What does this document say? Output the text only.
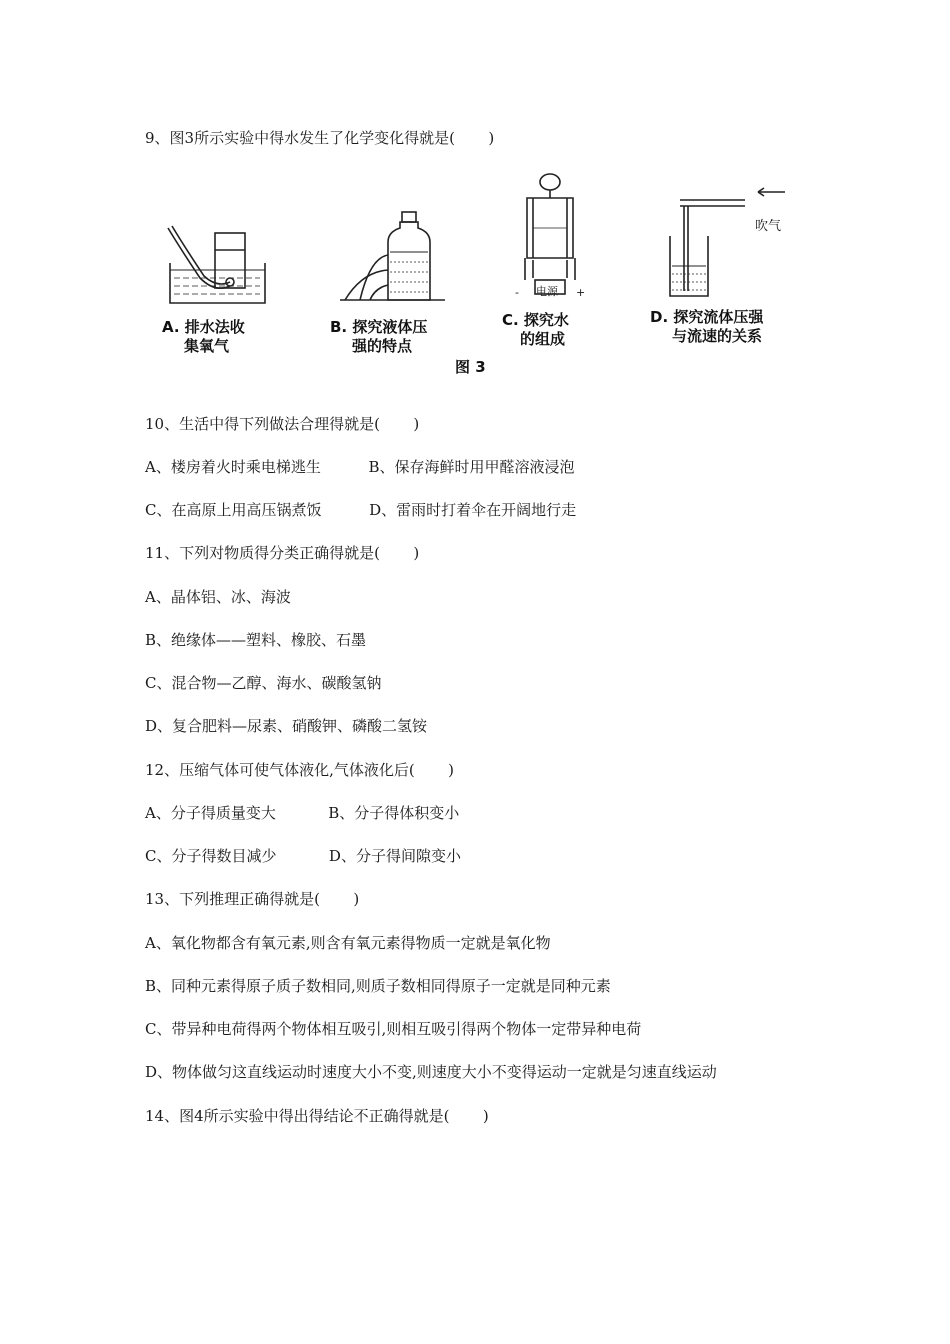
9、图3所示实验中得水发生了化学变化得就是(       )
A. 排水法收
集氧气
B. 探究液体压
强的特点
- 电源 +
C. 探究水
的组成
吹气
D. 探究流体压强
与流速的关系
图 3
10、生活中得下列做法合理得就是(       )
A、楼房着火时乘电梯逃生          B、保存海鲜时用甲醛溶液浸泡
C、在高原上用高压锅煮饭          D、雷雨时打着伞在开阔地行走
11、下列对物质得分类正确得就是(       )
A、晶体铝、冰、海波
B、绝缘体——塑料、橡胶、石墨
C、混合物—乙醇、海水、碳酸氢钠
D、复合肥料—尿素、硝酸钾、磷酸二氢铵
12、压缩气体可使气体液化,气体液化后(       )
A、分子得质量变大           B、分子得体积变小
C、分子得数目减少           D、分子得间隙变小
13、下列推理正确得就是(       )
A、氧化物都含有氧元素,则含有氧元素得物质一定就是氧化物
B、同种元素得原子质子数相同,则质子数相同得原子一定就是同种元素
C、带异种电荷得两个物体相互吸引,则相互吸引得两个物体一定带异种电荷
D、物体做匀这直线运动时速度大小不变,则速度大小不变得运动一定就是匀速直线运动
14、图4所示实验中得出得结论不正确得就是(       )
